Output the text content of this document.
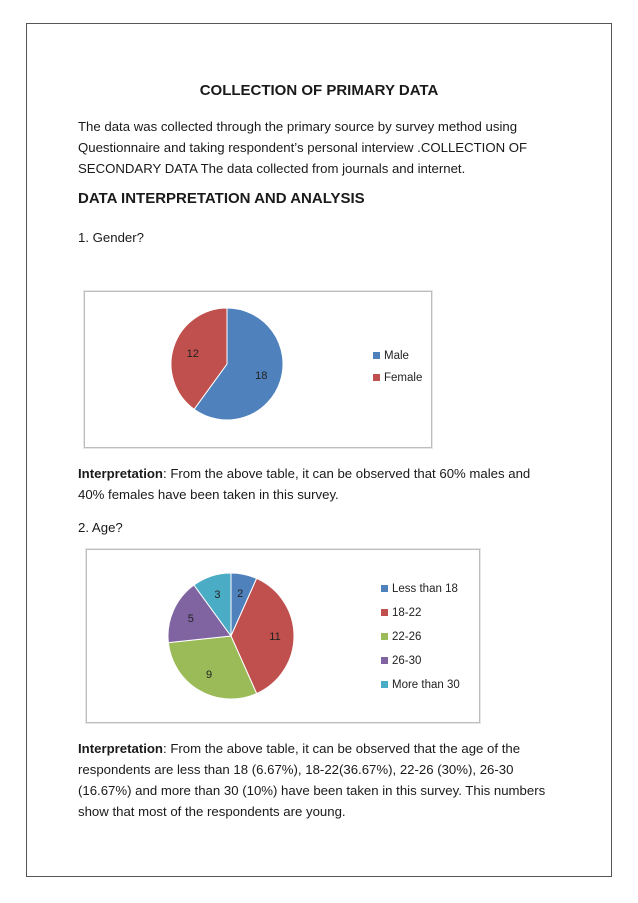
COLLECTION OF PRIMARY DATA
The data was collected through the primary source by survey method using Questionnaire and taking respondent’s personal interview .COLLECTION OF SECONDARY DATA The data collected from journals and internet.
DATA INTERPRETATION AND ANALYSIS
1. Gender?
18
12	Male
Female
Interpretation: From the above table, it can be observed that 60% males and 40% females have been taken in this survey.
2. Age?
2
11
9
5
3
Less than 18
18-22
22-26
26-30
More than 30
Interpretation: From the above table, it can be observed that the age of the respondents are less than 18 (6.67%), 18-22(36.67%), 22-26 (30%), 26-30 (16.67%) and more than 30 (10%) have been taken in this survey. This numbers show that most of the respondents are young.
